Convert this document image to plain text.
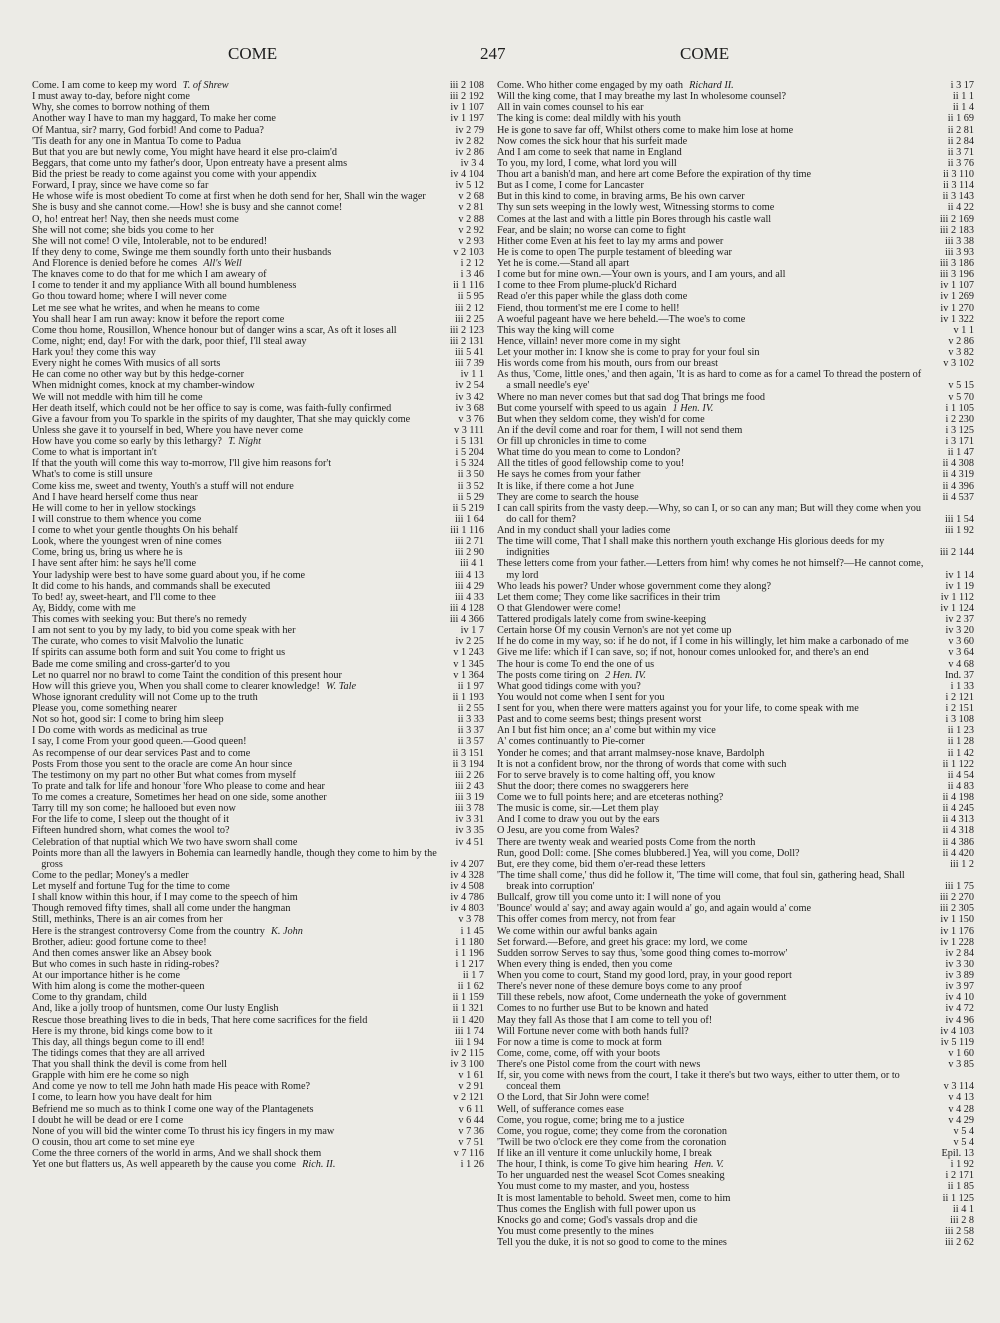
COME	247	COME
Come. I am come to keep my word T. of Shrew	iii 2 108
I must away to-day, before night come	iii 2 192
Why, she comes to borrow nothing of them	iv 1 107
Another way I have to man my haggard, To make her come	iv 1 197
Of Mantua, sir? marry, God forbid! And come to Padua?	iv 2 79
'Tis death for any one in Mantua To come to Padua	iv 2 82
But that you are but newly come, You might have heard it else pro-claim'd	iv 2 86
Beggars, that come unto my father's door, Upon entreaty have a present alms	iv 3 4
Bid the priest be ready to come against you come with your appendix	iv 4 104
Forward, I pray, since we have come so far	iv 5 12
He whose wife is most obedient To come at first when he doth send for her, Shall win the wager	v 2 68
She is busy and she cannot come.—How! she is busy and she cannot come!	v 2 81
O, ho! entreat her! Nay, then she needs must come	v 2 88
She will not come; she bids you come to her	v 2 92
She will not come! O vile, Intolerable, not to be endured!	v 2 93
If they deny to come, Swinge me them soundly forth unto their husbands	v 2 103
And Florence is denied before he comes All's Well	i 2 12
The knaves come to do that for me which I am aweary of	i 3 46
I come to tender it and my appliance With all bound humbleness	ii 1 116
Go thou toward home; where I will never come	ii 5 95
Let me see what he writes, and when he means to come	iii 2 12
You shall hear I am run away: know it before the report come	iii 2 25
Come thou home, Rousillon, Whence honour but of danger wins a scar, As oft it loses all	iii 2 123
Come, night; end, day! For with the dark, poor thief, I'll steal away	iii 2 131
Hark you! they come this way	iii 5 41
Every night he comes With musics of all sorts	iii 7 39
He can come no other way but by this hedge-corner	iv 1 1
When midnight comes, knock at my chamber-window	iv 2 54
We will not meddle with him till he come	iv 3 42
Her death itself, which could not be her office to say is come, was faith-fully confirmed	iv 3 68
Give a favour from you To sparkle in the spirits of my daughter, That she may quickly come	v 3 76
Unless she gave it to yourself in bed, Where you have never come	v 3 111
How have you come so early by this lethargy? T. Night	i 5 131
Come to what is important in't	i 5 204
If that the youth will come this way to-morrow, I'll give him reasons for't	i 5 324
What's to come is still unsure	ii 3 50
Come kiss me, sweet and twenty, Youth's a stuff will not endure	ii 3 52
And I have heard herself come thus near	ii 5 29
He will come to her in yellow stockings	ii 5 219
I will construe to them whence you come	iii 1 64
I come to whet your gentle thoughts On his behalf	iii 1 116
Look, where the youngest wren of nine comes	iii 2 71
Come, bring us, bring us where he is	iii 2 90
I have sent after him: he says he'll come	iii 4 1
Your ladyship were best to have some guard about you, if he come	iii 4 13
It did come to his hands, and commands shall be executed	iii 4 29
To bed! ay, sweet-heart, and I'll come to thee	iii 4 33
Ay, Biddy, come with me	iii 4 128
This comes with seeking you: But there's no remedy	iii 4 366
I am not sent to you by my lady, to bid you come speak with her	iv 1 7
The curate, who comes to visit Malvolio the lunatic	iv 2 25
If spirits can assume both form and suit You come to fright us	v 1 243
Bade me come smiling and cross-garter'd to you	v 1 345
Let no quarrel nor no brawl to come Taint the condition of this present hour	v 1 364
How will this grieve you, When you shall come to clearer knowledge! W. Tale	ii 1 97
Whose ignorant credulity will not Come up to the truth	ii 1 193
Please you, come something nearer	ii 2 55
Not so hot, good sir: I come to bring him sleep	ii 3 33
I Do come with words as medicinal as true	ii 3 37
I say, I come From your good queen.—Good queen!	ii 3 57
As recompense of our dear services Past and to come	ii 3 151
Posts From those you sent to the oracle are come An hour since	ii 3 194
The testimony on my part no other But what comes from myself	iii 2 26
To prate and talk for life and honour 'fore Who please to come and hear	iii 2 43
To me comes a creature, Sometimes her head on one side, some another	iii 3 19
Tarry till my son come; he hallooed but even now	iii 3 78
For the life to come, I sleep out the thought of it	iv 3 31
Fifteen hundred shorn, what comes the wool to?	iv 3 35
Celebration of that nuptial which We two have sworn shall come	iv 4 51
Points more than all the lawyers in Bohemia can learnedly handle, though they come to him by the gross	iv 4 207
Come to the pedlar; Money's a medler	iv 4 328
Let myself and fortune Tug for the time to come	iv 4 508
I shall know within this hour, if I may come to the speech of him	iv 4 786
Though removed fifty times, shall all come under the hangman	iv 4 803
Still, methinks, There is an air comes from her	v 3 78
Here is the strangest controversy Come from the country K. John	i 1 45
Brother, adieu: good fortune come to thee!	i 1 180
And then comes answer like an Absey book	i 1 196
But who comes in such haste in riding-robes?	i 1 217
At our importance hither is he come	ii 1 7
With him along is come the mother-queen	ii 1 62
Come to thy grandam, child	ii 1 159
And, like a jolly troop of huntsmen, come Our lusty English	ii 1 321
Rescue those breathing lives to die in beds, That here come sacrifices for the field	ii 1 420
Here is my throne, bid kings come bow to it	iii 1 74
This day, all things begun come to ill end!	iii 1 94
The tidings comes that they are all arrived	iv 2 115
That you shall think the devil is come from hell	iv 3 100
Grapple with him ere he come so nigh	v 1 61
And come ye now to tell me John hath made His peace with Rome?	v 2 91
I come, to learn how you have dealt for him	v 2 121
Befriend me so much as to think I come one way of the Plantagenets	v 6 11
I doubt he will be dead or ere I come	v 6 44
None of you will bid the winter come To thrust his icy fingers in my maw	v 7 36
O cousin, thou art come to set mine eye	v 7 51
Come the three corners of the world in arms, And we shall shock them	v 7 116
Yet one but flatters us, As well appeareth by the cause you come Rich. II.	i 1 26
Come. Who hither come engaged by my oath Richard II.	i 3 17
Will the king come, that I may breathe my last In wholesome counsel?	ii 1 1
All in vain comes counsel to his ear	ii 1 4
The king is come: deal mildly with his youth	ii 1 69
He is gone to save far off, Whilst others come to make him lose at home	ii 2 81
Now comes the sick hour that his surfeit made	ii 2 84
And I am come to seek that name in England	ii 3 71
To you, my lord, I come, what lord you will	ii 3 76
Thou art a banish'd man, and here art come Before the expiration of thy time	ii 3 110
But as I come, I come for Lancaster	ii 3 114
But in this kind to come, in braving arms, Be his own carver	ii 3 143
Thy sun sets weeping in the lowly west, Witnessing storms to come	ii 4 22
Comes at the last and with a little pin Bores through his castle wall	iii 2 169
Fear, and be slain; no worse can come to fight	iii 2 183
Hither come Even at his feet to lay my arms and power	iii 3 38
He is come to open The purple testament of bleeding war	iii 3 93
Yet he is come.—Stand all apart	iii 3 186
I come but for mine own.—Your own is yours, and I am yours, and all	iii 3 196
I come to thee From plume-pluck'd Richard	iv 1 107
Read o'er this paper while the glass doth come	iv 1 269
Fiend, thou torment'st me ere I come to hell!	iv 1 270
A woeful pageant have we here beheld.—The woe's to come	iv 1 322
This way the king will come	v 1 1
Hence, villain! never more come in my sight	v 2 86
Let your mother in: I know she is come to pray for your foul sin	v 3 82
His words come from his mouth, ours from our breast	v 3 102
As thus, 'Come, little ones,' and then again, 'It is as hard to come as for a camel To thread the postern of a small needle's eye'	v 5 15
Where no man never comes but that sad dog That brings me food	v 5 70
But come yourself with speed to us again 1 Hen. IV.	i 1 105
But when they seldom come, they wish'd for come	i 2 230
An if the devil come and roar for them, I will not send them	i 3 125
Or fill up chronicles in time to come	i 3 171
What time do you mean to come to London?	ii 1 47
All the titles of good fellowship come to you!	ii 4 308
He says he comes from your father	ii 4 319
It is like, if there come a hot June	ii 4 396
They are come to search the house	ii 4 537
I can call spirits from the vasty deep.—Why, so can I, or so can any man; But will they come when you do call for them?	iii 1 54
And in my conduct shall your ladies come	iii 1 92
The time will come, That I shall make this northern youth exchange His glorious deeds for my indignities	iii 2 144
These letters come from your father.—Letters from him! why comes he not himself?—He cannot come, my lord	iv 1 14
Who leads his power? Under whose government come they along?	iv 1 19
Let them come; They come like sacrifices in their trim	iv 1 112
O that Glendower were come!	iv 1 124
Tattered prodigals lately come from swine-keeping	iv 2 37
Certain horse Of my cousin Vernon's are not yet come up	iv 3 20
If he do come in my way, so: if he do not, if I come in his willingly, let him make a carbonado of me	v 3 60
Give me life: which if I can save, so; if not, honour comes unlooked for, and there's an end	v 3 64
The hour is come To end the one of us	v 4 68
The posts come tiring on 2 Hen. IV.	Ind. 37
What good tidings come with you?	i 1 33
You would not come when I sent for you	i 2 121
I sent for you, when there were matters against you for your life, to come speak with me	i 2 151
Past and to come seems best; things present worst	i 3 108
An I but fist him once; an a' come but within my vice	ii 1 23
A' comes continuantly to Pie-corner	ii 1 28
Yonder he comes; and that arrant malmsey-nose knave, Bardolph	ii 1 42
It is not a confident brow, nor the throng of words that come with such	ii 1 122
For to serve bravely is to come halting off, you know	ii 4 54
Shut the door; there comes no swaggerers here	ii 4 83
Come we to full points here; and are etceteras nothing?	ii 4 198
The music is come, sir.—Let them play	ii 4 245
And I come to draw you out by the ears	ii 4 313
O Jesu, are you come from Wales?	ii 4 318
There are twenty weak and wearied posts Come from the north	ii 4 386
Run, good Doll: come. [She comes blubbered.] Yea, will you come, Doll?	ii 4 420
But, ere they come, bid them o'er-read these letters	iii 1 2
'The time shall come,' thus did he follow it, 'The time will come, that foul sin, gathering head, Shall break into corruption'	iii 1 75
Bullcalf, grow till you come unto it: I will none of you	iii 2 270
'Bounce' would a' say; and away again would a' go, and again would a' come	iii 2 305
This offer comes from mercy, not from fear	iv 1 150
We come within our awful banks again	iv 1 176
Set forward.—Before, and greet his grace: my lord, we come	iv 1 228
Sudden sorrow Serves to say thus, 'some good thing comes to-morrow'	iv 2 84
When every thing is ended, then you come	iv 3 30
When you come to court, Stand my good lord, pray, in your good report	iv 3 89
There's never none of these demure boys come to any proof	iv 3 97
Till these rebels, now afoot, Come underneath the yoke of government	iv 4 10
Comes to no further use But to be known and hated	iv 4 72
May they fall As those that I am come to tell you of!	iv 4 96
Will Fortune never come with both hands full?	iv 4 103
For now a time is come to mock at form	iv 5 119
Come, come, come, off with your boots	v 1 60
There's one Pistol come from the court with news	v 3 85
If, sir, you come with news from the court, I take it there's but two ways, either to utter them, or to conceal them	v 3 114
O the Lord, that Sir John were come!	v 4 13
Well, of sufferance comes ease	v 4 28
Come, you rogue, come; bring me to a justice	v 4 29
Come, you rogue, come; they come from the coronation	v 5 4
'Twill be two o'clock ere they come from the coronation	v 5 4
If like an ill venture it come unluckily home, I break	Epil. 13
The hour, I think, is come To give him hearing Hen. V.	i 1 92
To her unguarded nest the weasel Scot Comes sneaking	i 2 171
You must come to my master, and you, hostess	ii 1 85
It is most lamentable to behold. Sweet men, come to him	ii 1 125
Thus comes the English with full power upon us	ii 4 1
Knocks go and come; God's vassals drop and die	iii 2 8
You must come presently to the mines	iii 2 58
Tell you the duke, it is not so good to come to the mines	iii 2 62
